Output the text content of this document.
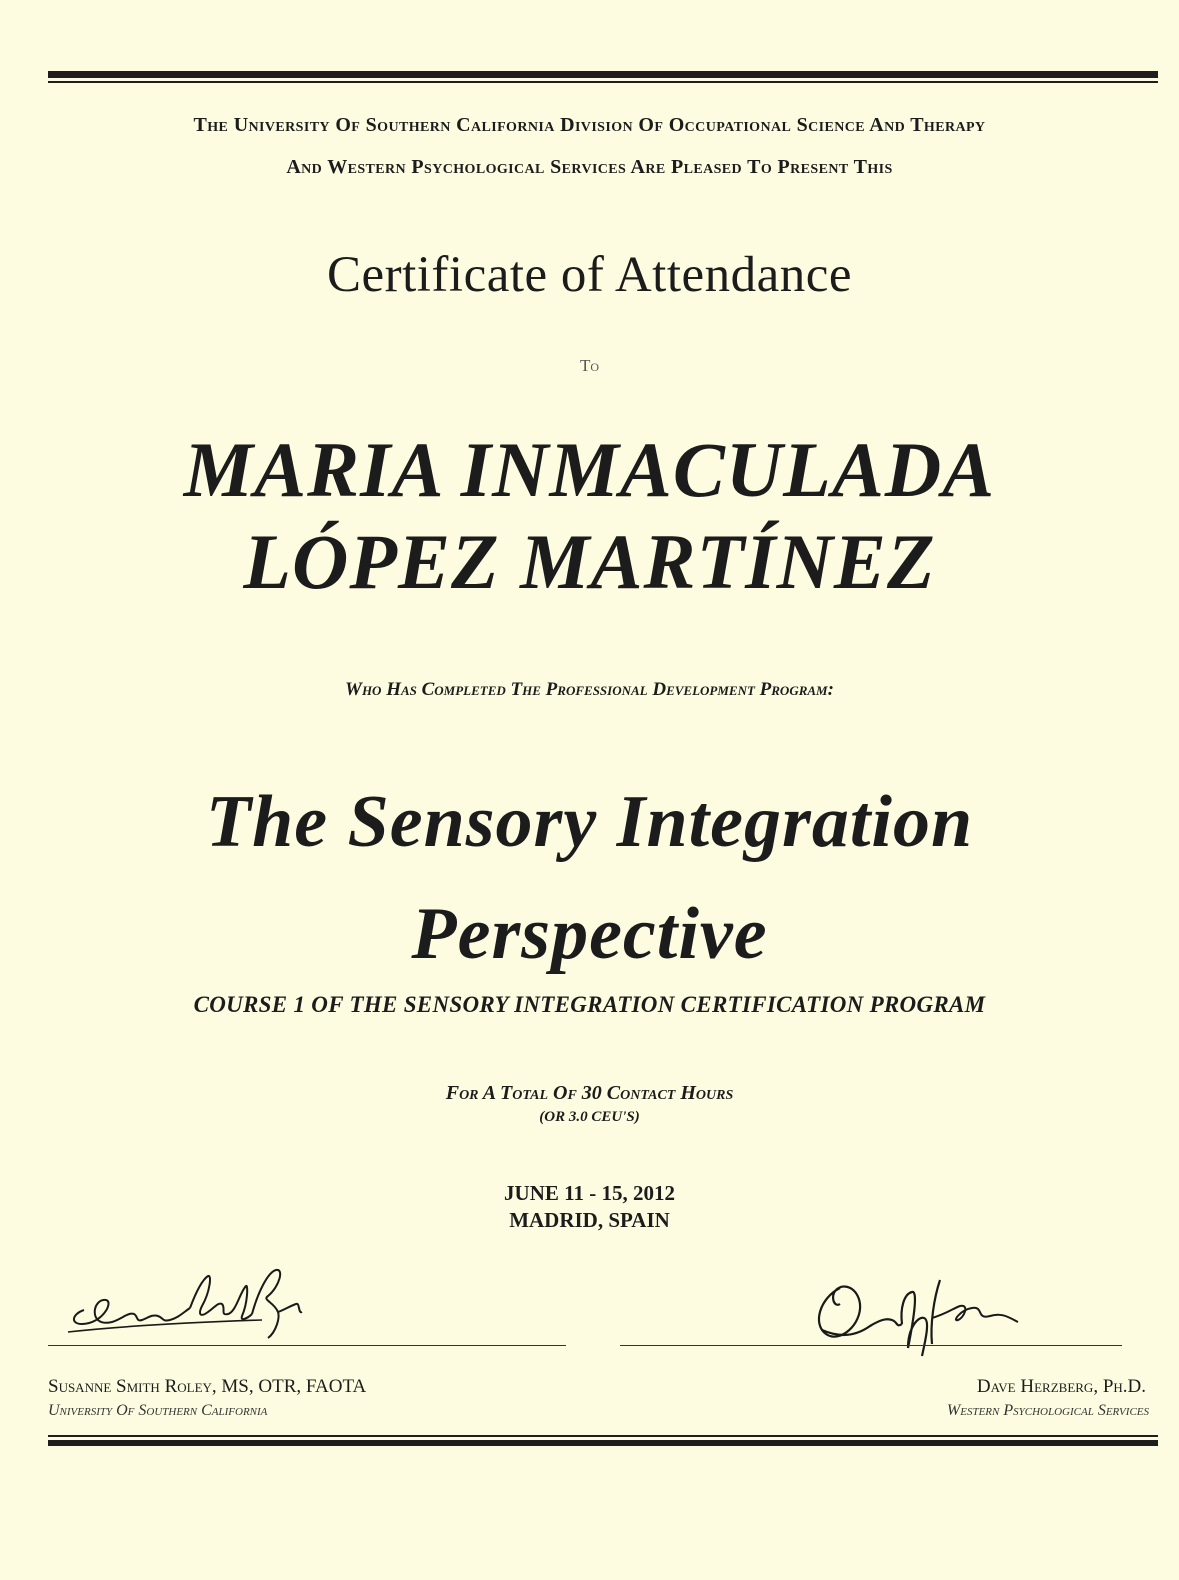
The University Of Southern California Division Of Occupational Science And Therapy
And Western Psychological Services Are Pleased To Present This
Certificate of Attendance
To
MARIA INMACULADA
LÓPEZ MARTÍNEZ
Who Has Completed The Professional Development Program:
The Sensory Integration
Perspective
COURSE 1 OF THE SENSORY INTEGRATION CERTIFICATION PROGRAM
For A Total Of 30 Contact Hours
(OR 3.0 CEU'S)
JUNE 11 - 15, 2012
MADRID, SPAIN
Susanne Smith Roley, MS, OTR, FAOTA
University Of Southern California
Dave Herzberg, Ph.D.
Western Psychological Services
